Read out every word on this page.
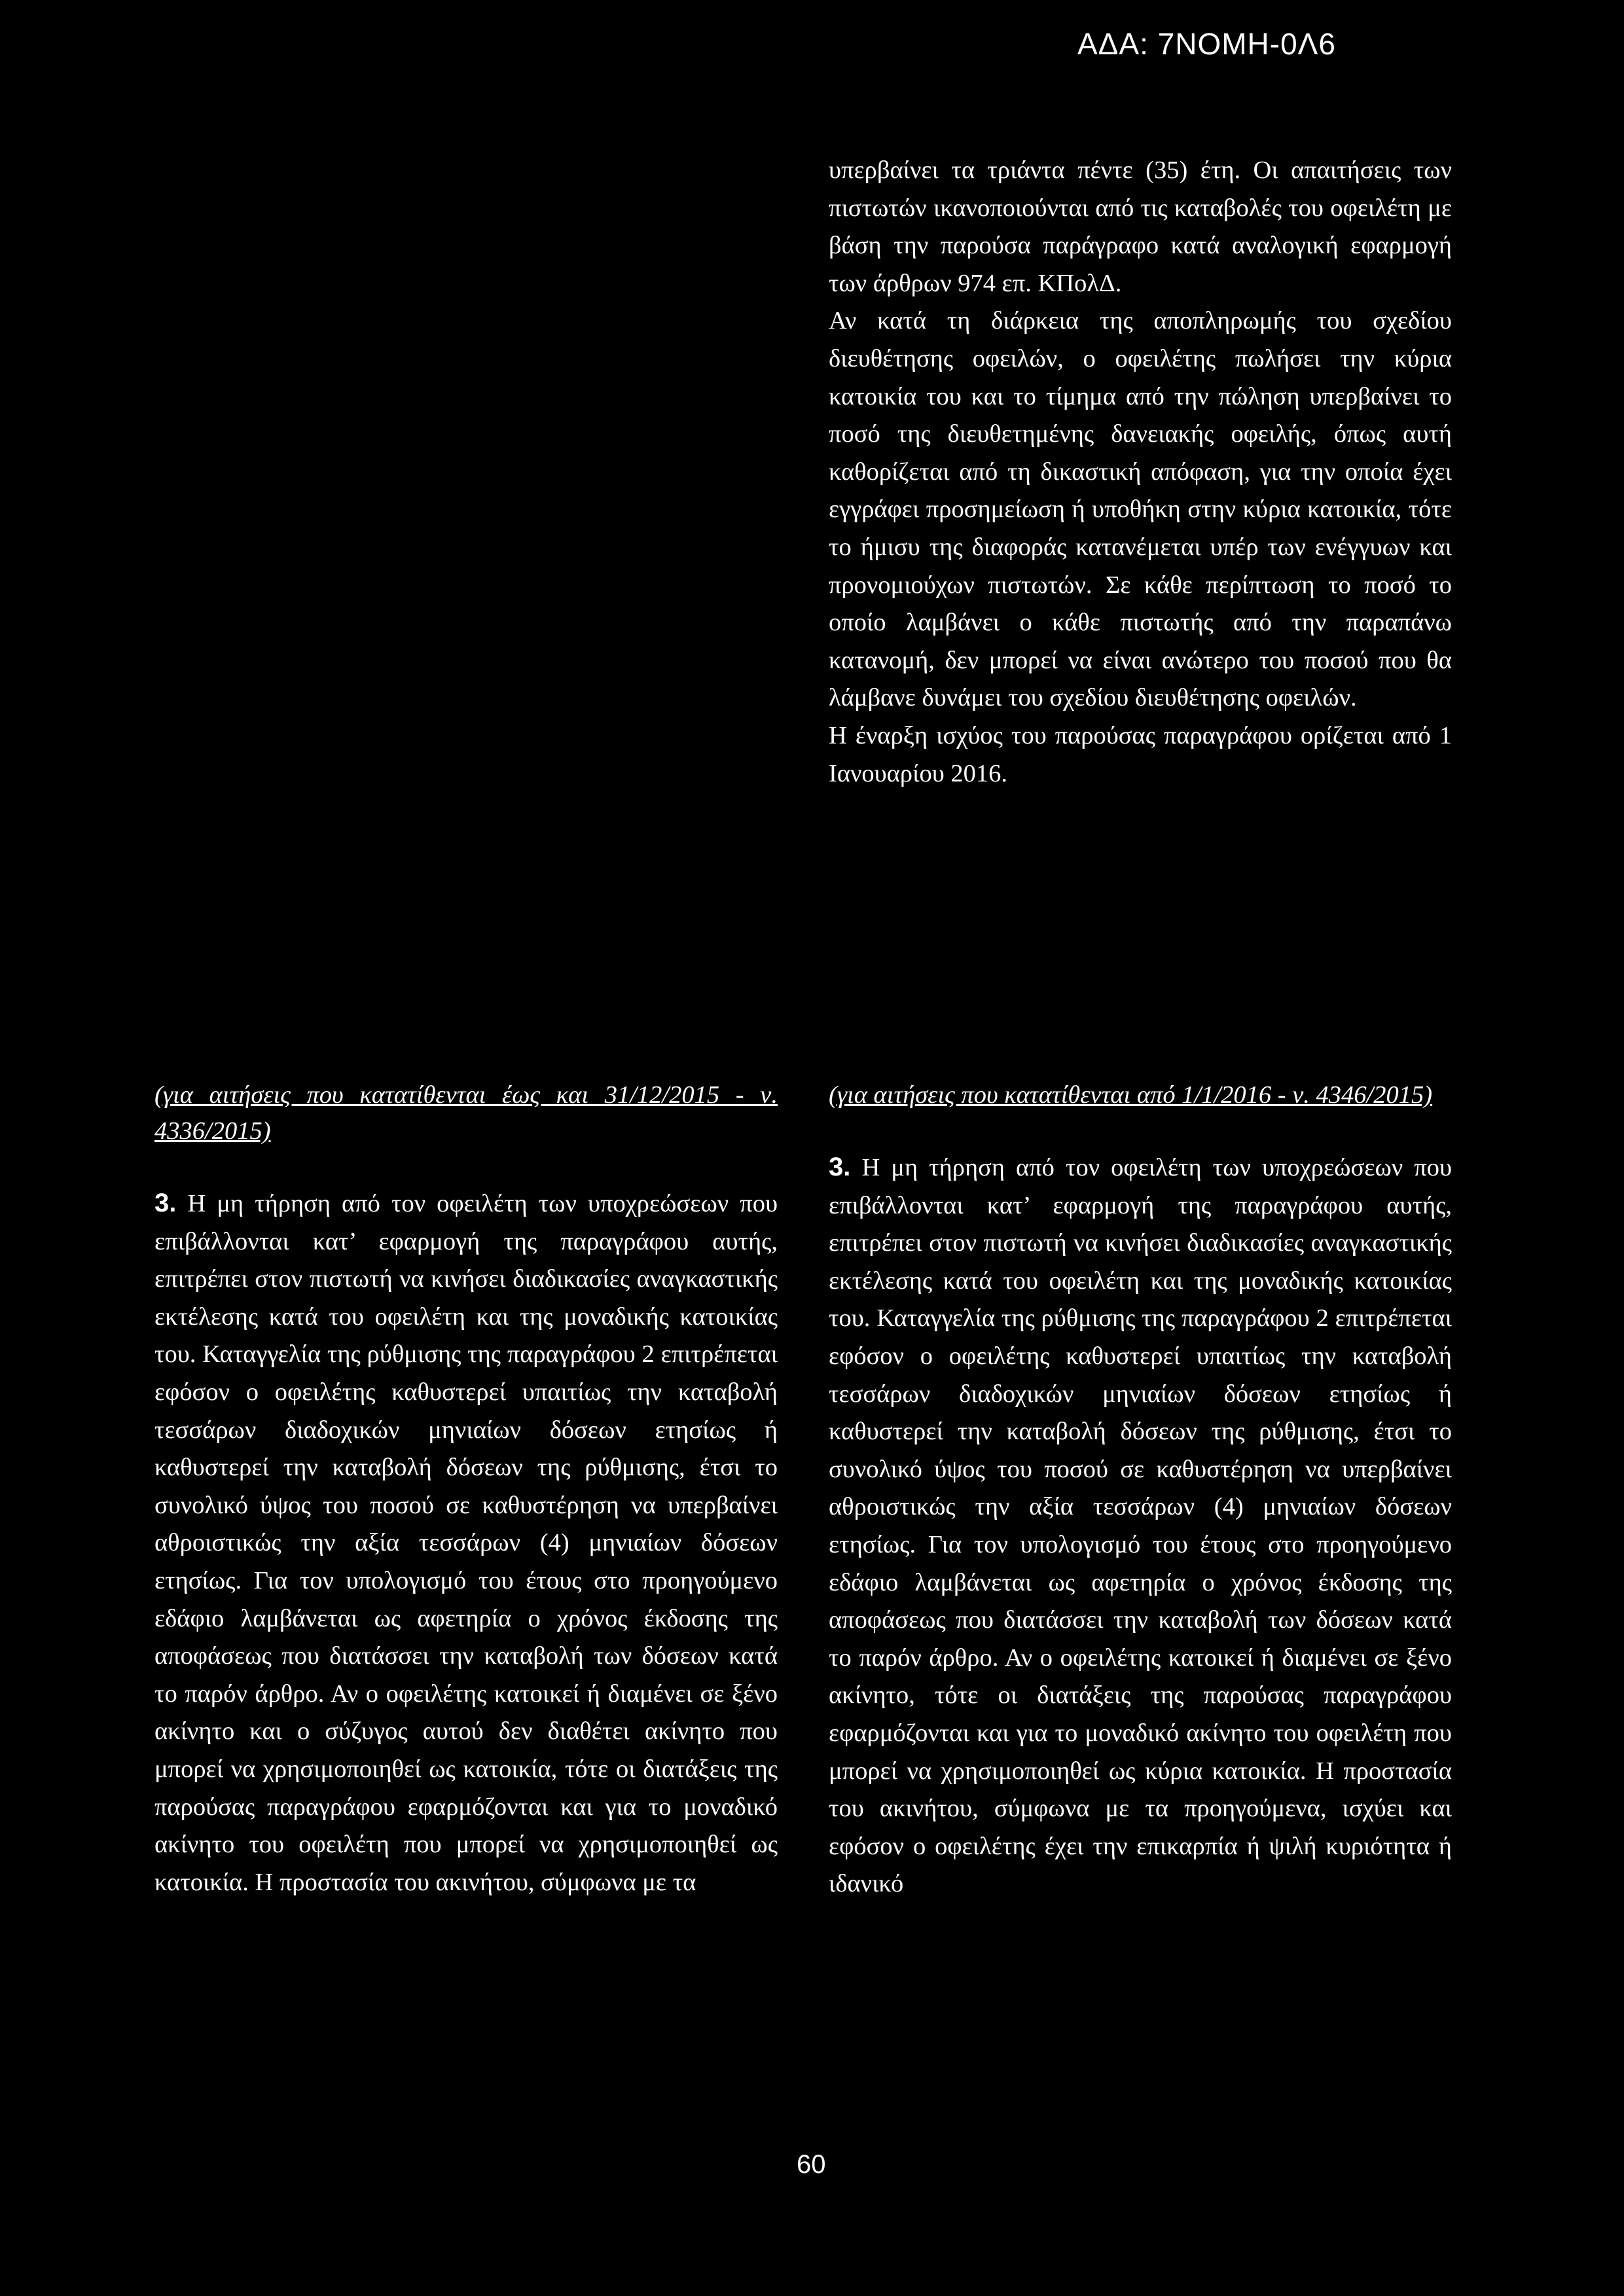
ΑΔΑ: 7ΝΟΜΗ-0Λ6

υπερβαίνει τα τριάντα πέντε (35) έτη. Οι απαιτήσεις των πιστωτών ικανοποιούνται από τις καταβολές του οφειλέτη με βάση την παρούσα παράγραφο κατά αναλογική εφαρμογή των άρθρων 974 επ. ΚΠολΔ.

Αν κατά τη διάρκεια της αποπληρωμής του σχεδίου διευθέτησης οφειλών, ο οφειλέτης πωλήσει την κύρια κατοικία του και το τίμημα από την πώληση υπερβαίνει το ποσό της διευθετημένης δανειακής οφειλής, όπως αυτή καθορίζεται από τη δικαστική απόφαση, για την οποία έχει εγγράφει προσημείωση ή υποθήκη στην κύρια κατοικία, τότε το ήμισυ της διαφοράς κατανέμεται υπέρ των ενέγγυων και προνομιούχων πιστωτών. Σε κάθε περίπτωση το ποσό το οποίο λαμβάνει ο κάθε πιστωτής από την παραπάνω κατανομή, δεν μπορεί να είναι ανώτερο του ποσού που θα λάμβανε δυνάμει του σχεδίου διευθέτησης οφειλών.

Η έναρξη ισχύος του παρούσας παραγράφου ορίζεται από 1 Ιανουαρίου 2016.

(για αιτήσεις που κατατίθενται έως και 31/12/2015 - ν. 4336/2015)

3. Η μη τήρηση από τον οφειλέτη των υποχρεώσεων που επιβάλλονται κατ’ εφαρμογή της παραγράφου αυτής, επιτρέπει στον πιστωτή να κινήσει διαδικασίες αναγκαστικής εκτέλεσης κατά του οφειλέτη και της μοναδικής κατοικίας του. Καταγγελία της ρύθμισης της παραγράφου 2 επιτρέπεται εφόσον ο οφειλέτης καθυστερεί υπαιτίως την καταβολή τεσσάρων διαδοχικών μηνιαίων δόσεων ετησίως ή καθυστερεί την καταβολή δόσεων της ρύθμισης, έτσι το συνολικό ύψος του ποσού σε καθυστέρηση να υπερβαίνει αθροιστικώς την αξία τεσσάρων (4) μηνιαίων δόσεων ετησίως. Για τον υπολογισμό του έτους στο προηγούμενο εδάφιο λαμβάνεται ως αφετηρία ο χρόνος έκδοσης της αποφάσεως που διατάσσει την καταβολή των δόσεων κατά το παρόν άρθρο. Αν ο οφειλέτης κατοικεί ή διαμένει σε ξένο ακίνητο και ο σύζυγος αυτού δεν διαθέτει ακίνητο που μπορεί να χρησιμοποιηθεί ως κατοικία, τότε οι διατάξεις της παρούσας παραγράφου εφαρμόζονται και για το μοναδικό ακίνητο του οφειλέτη που μπορεί να χρησιμοποιηθεί ως κατοικία. Η προστασία του ακινήτου, σύμφωνα με τα

(για αιτήσεις που κατατίθενται από 1/1/2016 - ν. 4346/2015)

3. Η μη τήρηση από τον οφειλέτη των υποχρεώσεων που επιβάλλονται κατ’ εφαρμογή της παραγράφου αυτής, επιτρέπει στον πιστωτή να κινήσει διαδικασίες αναγκαστικής εκτέλεσης κατά του οφειλέτη και της μοναδικής κατοικίας του. Καταγγελία της ρύθμισης της παραγράφου 2 επιτρέπεται εφόσον ο οφειλέτης καθυστερεί υπαιτίως την καταβολή τεσσάρων διαδοχικών μηνιαίων δόσεων ετησίως ή καθυστερεί την καταβολή δόσεων της ρύθμισης, έτσι το συνολικό ύψος του ποσού σε καθυστέρηση να υπερβαίνει αθροιστικώς την αξία τεσσάρων (4) μηνιαίων δόσεων ετησίως. Για τον υπολογισμό του έτους στο προηγούμενο εδάφιο λαμβάνεται ως αφετηρία ο χρόνος έκδοσης της αποφάσεως που διατάσσει την καταβολή των δόσεων κατά το παρόν άρθρο. Αν ο οφειλέτης κατοικεί ή διαμένει σε ξένο ακίνητο, τότε οι διατάξεις της παρούσας παραγράφου εφαρμόζονται και για το μοναδικό ακίνητο του οφειλέτη που μπορεί να χρησιμοποιηθεί ως κύρια κατοικία. Η προστασία του ακινήτου, σύμφωνα με τα προηγούμενα, ισχύει και εφόσον ο οφειλέτης έχει την επικαρπία ή ψιλή κυριότητα ή ιδανικό

60
